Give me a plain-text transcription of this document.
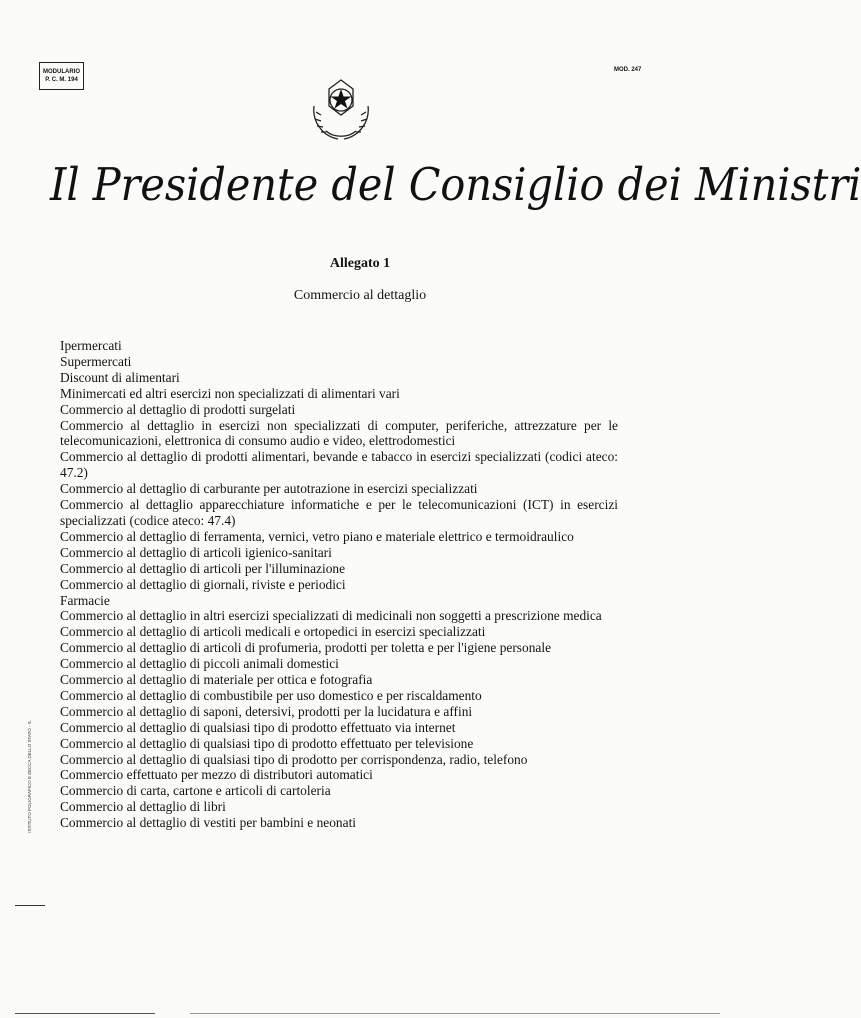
MODULARIO
P. C. M. 194
MOD. 247
Il Presidente del Consiglio dei Ministri
Allegato 1
Commercio al dettaglio
Ipermercati
Supermercati
Discount di alimentari
Minimercati ed altri esercizi non specializzati di alimentari vari
Commercio al dettaglio di prodotti surgelati
Commercio al dettaglio in esercizi non specializzati di computer, periferiche, attrezzature per le telecomunicazioni, elettronica di consumo audio e video, elettrodomestici
Commercio al dettaglio di prodotti alimentari, bevande e tabacco in esercizi specializzati (codici ateco: 47.2)
Commercio al dettaglio di carburante per autotrazione in esercizi specializzati
Commercio al dettaglio apparecchiature informatiche e per le telecomunicazioni (ICT) in esercizi specializzati (codice ateco: 47.4)
Commercio al dettaglio di ferramenta, vernici, vetro piano e materiale elettrico e termoidraulico
Commercio al dettaglio di articoli igienico-sanitari
Commercio al dettaglio di articoli per l'illuminazione
Commercio al dettaglio di giornali, riviste e periodici
Farmacie
Commercio al dettaglio in altri esercizi specializzati di medicinali non soggetti a prescrizione medica
Commercio al dettaglio di articoli medicali e ortopedici in esercizi specializzati
Commercio al dettaglio di articoli di profumeria, prodotti per toletta e per l'igiene personale
Commercio al dettaglio di piccoli animali domestici
Commercio al dettaglio di materiale per ottica e fotografia
Commercio al dettaglio di combustibile per uso domestico e per riscaldamento
Commercio al dettaglio di saponi, detersivi, prodotti per la lucidatura e affini
Commercio al dettaglio di qualsiasi tipo di prodotto effettuato via internet
Commercio al dettaglio di qualsiasi tipo di prodotto effettuato per televisione
Commercio al dettaglio di qualsiasi tipo di prodotto per corrispondenza, radio, telefono
Commercio effettuato per mezzo di distributori automatici
Commercio di carta, cartone e articoli di cartoleria
Commercio al dettaglio di libri
Commercio al dettaglio di vestiti per bambini e neonati
ISTITUTO POLIGRAFICO E ZECCA DELLO STATO - S.
